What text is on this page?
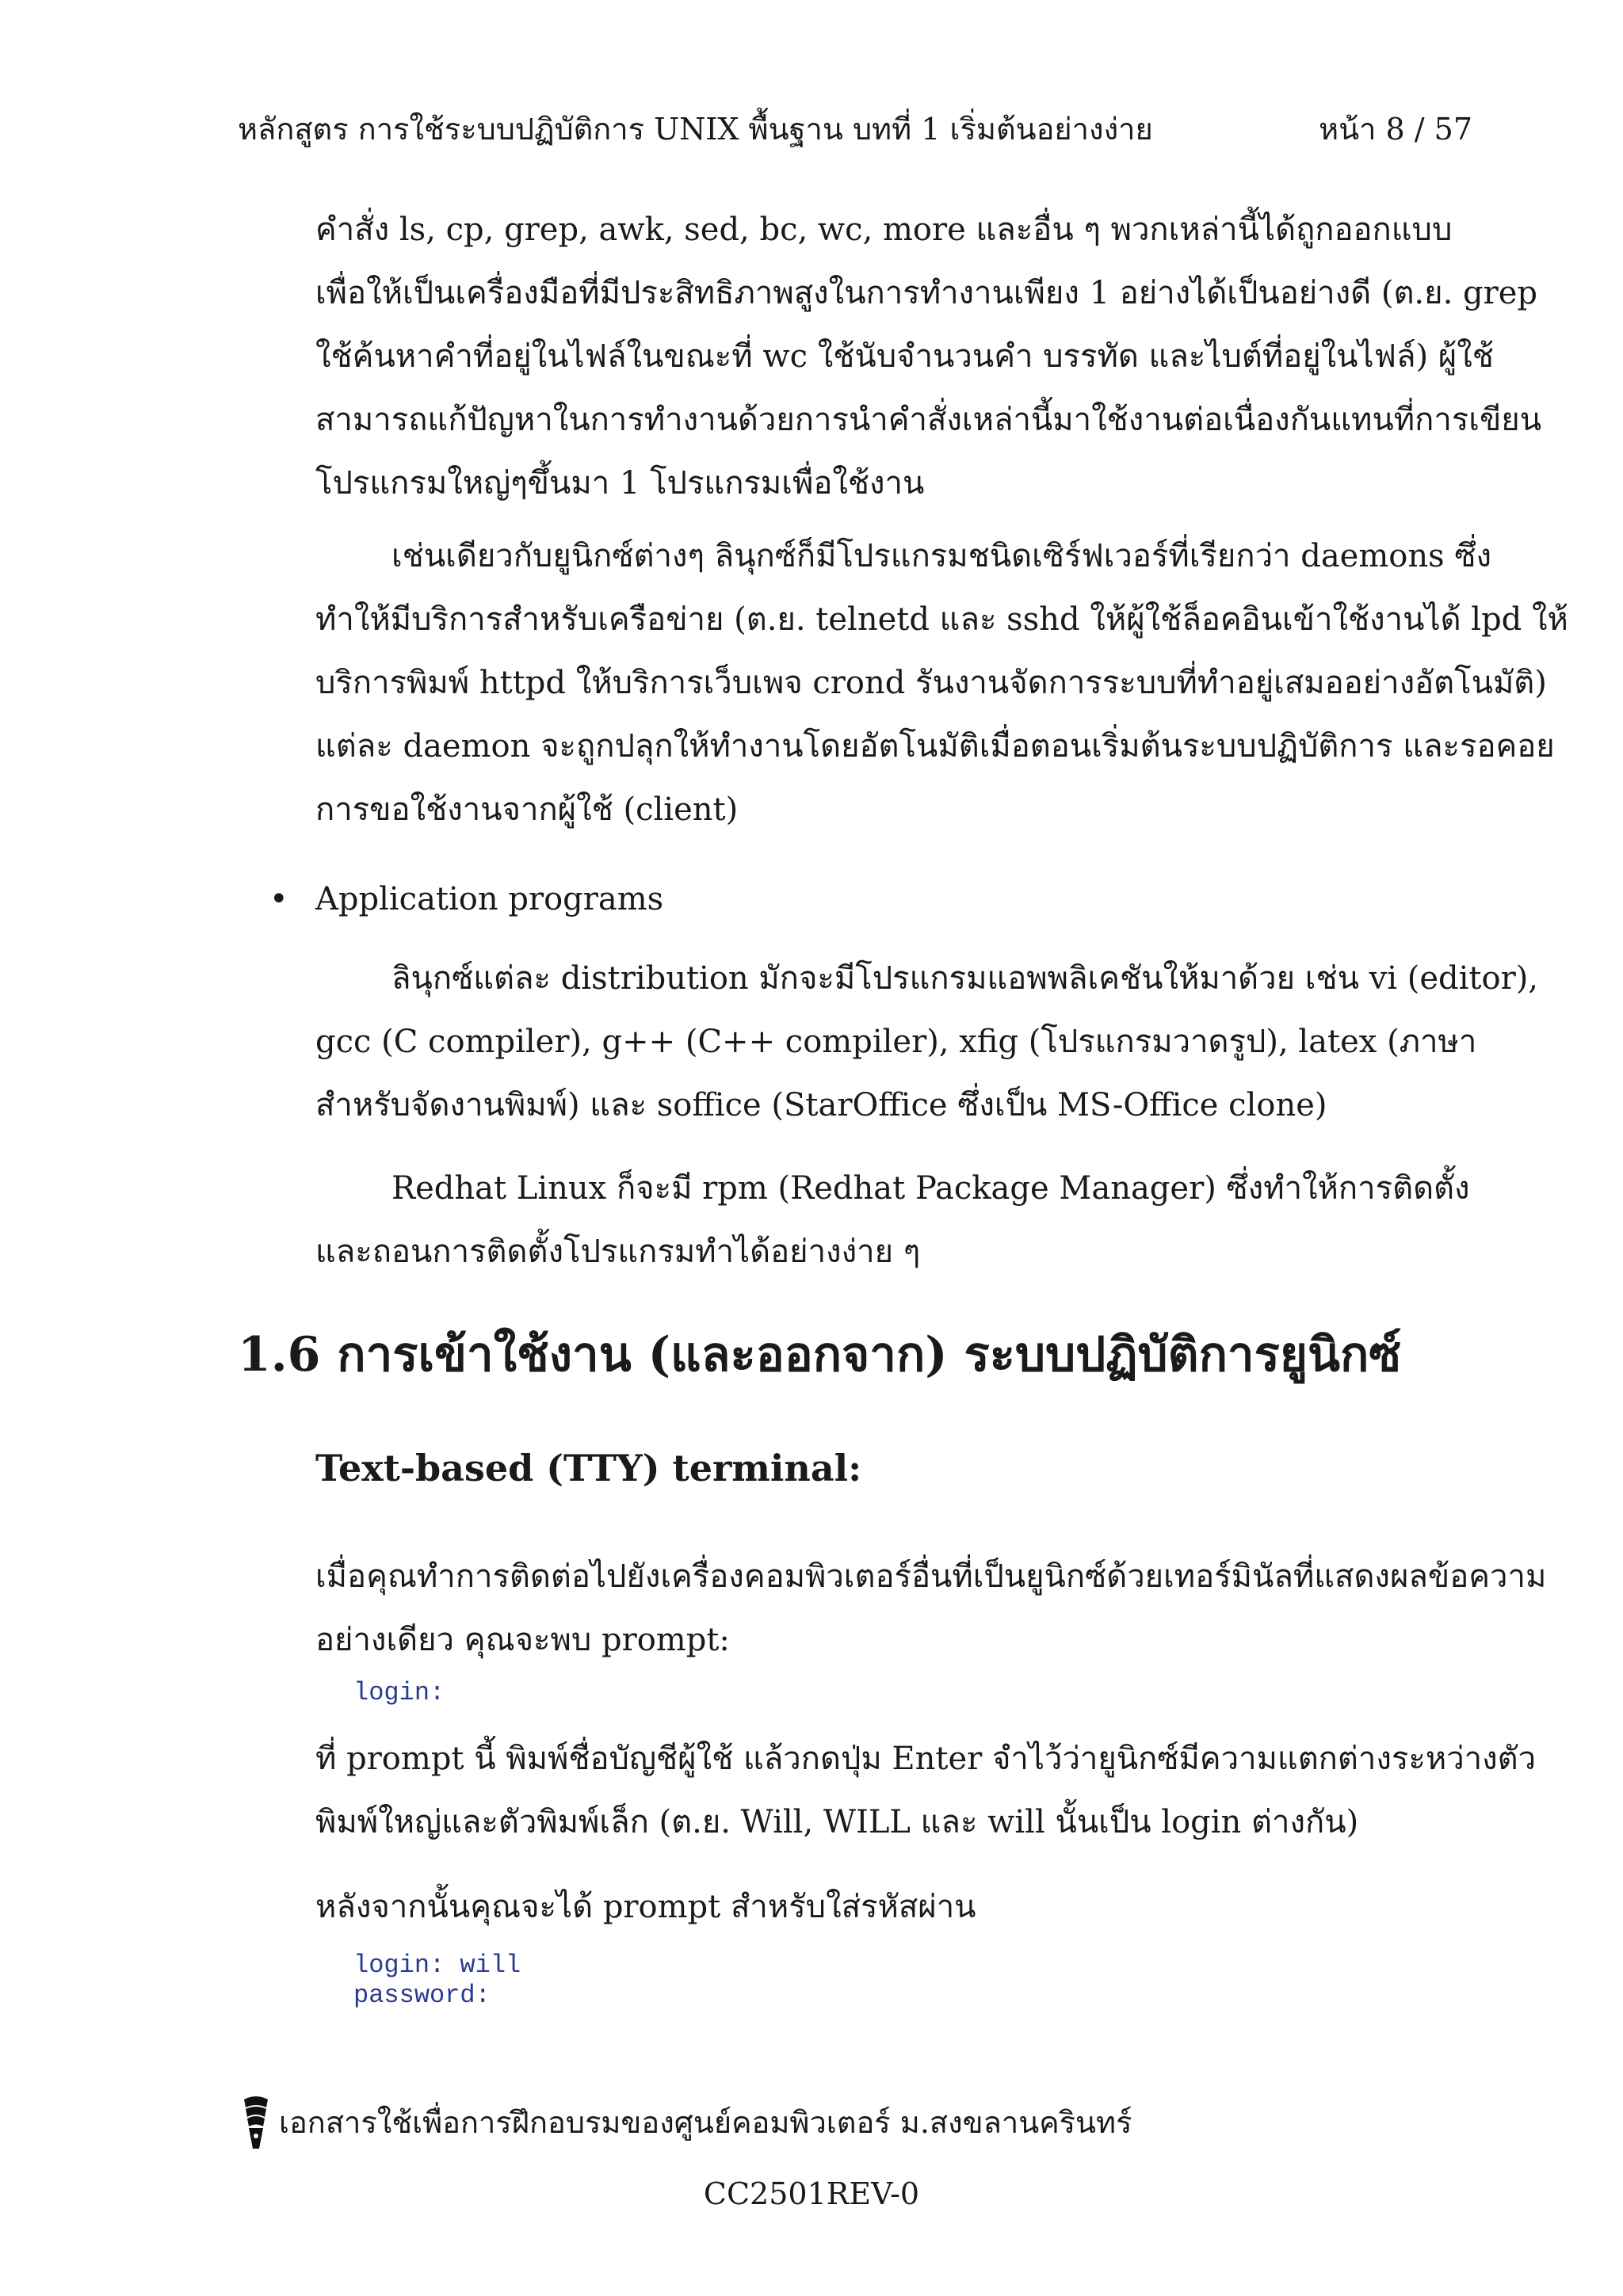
หลักสูตร การใช้ระบบปฏิบัติการ UNIX พื้นฐาน บทที่ 1 เริ่มต้นอย่างง่าย	หน้า 8 / 57
คำสั่ง ls, cp, grep, awk, sed, bc, wc, more และอื่น ๆ พวกเหล่านี้ได้ถูกออกแบบ
เพื่อให้เป็นเครื่องมือที่มีประสิทธิภาพสูงในการทำงานเพียง 1 อย่างได้เป็นอย่างดี (ต.ย. grep
ใช้ค้นหาคำที่อยู่ในไฟล์ในขณะที่ wc ใช้นับจำนวนคำ บรรทัด และไบต์ที่อยู่ในไฟล์) ผู้ใช้
สามารถแก้ปัญหาในการทำงานด้วยการนำคำสั่งเหล่านี้มาใช้งานต่อเนื่องกันแทนที่การเขียน
โปรแกรมใหญ่ๆขึ้นมา 1 โปรแกรมเพื่อใช้งาน
เช่นเดียวกับยูนิกซ์ต่างๆ ลินุกซ์ก็มีโปรแกรมชนิดเซิร์ฟเวอร์ที่เรียกว่า daemons ซึ่ง
ทำให้มีบริการสำหรับเครือข่าย (ต.ย. telnetd และ sshd ให้ผู้ใช้ล็อคอินเข้าใช้งานได้ lpd ให้
บริการพิมพ์ httpd ให้บริการเว็บเพจ crond รันงานจัดการระบบที่ทำอยู่เสมออย่างอัตโนมัติ)
แต่ละ daemon จะถูกปลุกให้ทำงานโดยอัตโนมัติเมื่อตอนเริ่มต้นระบบปฏิบัติการ และรอคอย
การขอใช้งานจากผู้ใช้ (client)
• Application programs
ลินุกซ์แต่ละ distribution มักจะมีโปรแกรมแอพพลิเคชันให้มาด้วย เช่น vi (editor),
gcc (C compiler), g++ (C++ compiler), xfig (โปรแกรมวาดรูป), latex (ภาษา
สำหรับจัดงานพิมพ์) และ soffice (StarOffice ซึ่งเป็น MS-Office clone)
Redhat Linux ก็จะมี rpm (Redhat Package Manager) ซึ่งทำให้การติดตั้ง
และถอนการติดตั้งโปรแกรมทำได้อย่างง่าย ๆ
1.6 การเข้าใช้งาน (และออกจาก) ระบบปฏิบัติการยูนิกซ์
Text-based (TTY) terminal:
เมื่อคุณทำการติดต่อไปยังเครื่องคอมพิวเตอร์อื่นที่เป็นยูนิกซ์ด้วยเทอร์มินัลที่แสดงผลข้อความ
อย่างเดียว คุณจะพบ prompt:
login:
ที่ prompt นี้ พิมพ์ชื่อบัญชีผู้ใช้ แล้วกดปุ่ม Enter จำไว้ว่ายูนิกซ์มีความแตกต่างระหว่างตัว
พิมพ์ใหญ่และตัวพิมพ์เล็ก (ต.ย. Will, WILL และ will นั้นเป็น login ต่างกัน)
หลังจากนั้นคุณจะได้ prompt สำหรับใส่รหัสผ่าน
login: will
password:
เอกสารใช้เพื่อการฝึกอบรมของศูนย์คอมพิวเตอร์ ม.สงขลานครินทร์
CC2501REV-0
